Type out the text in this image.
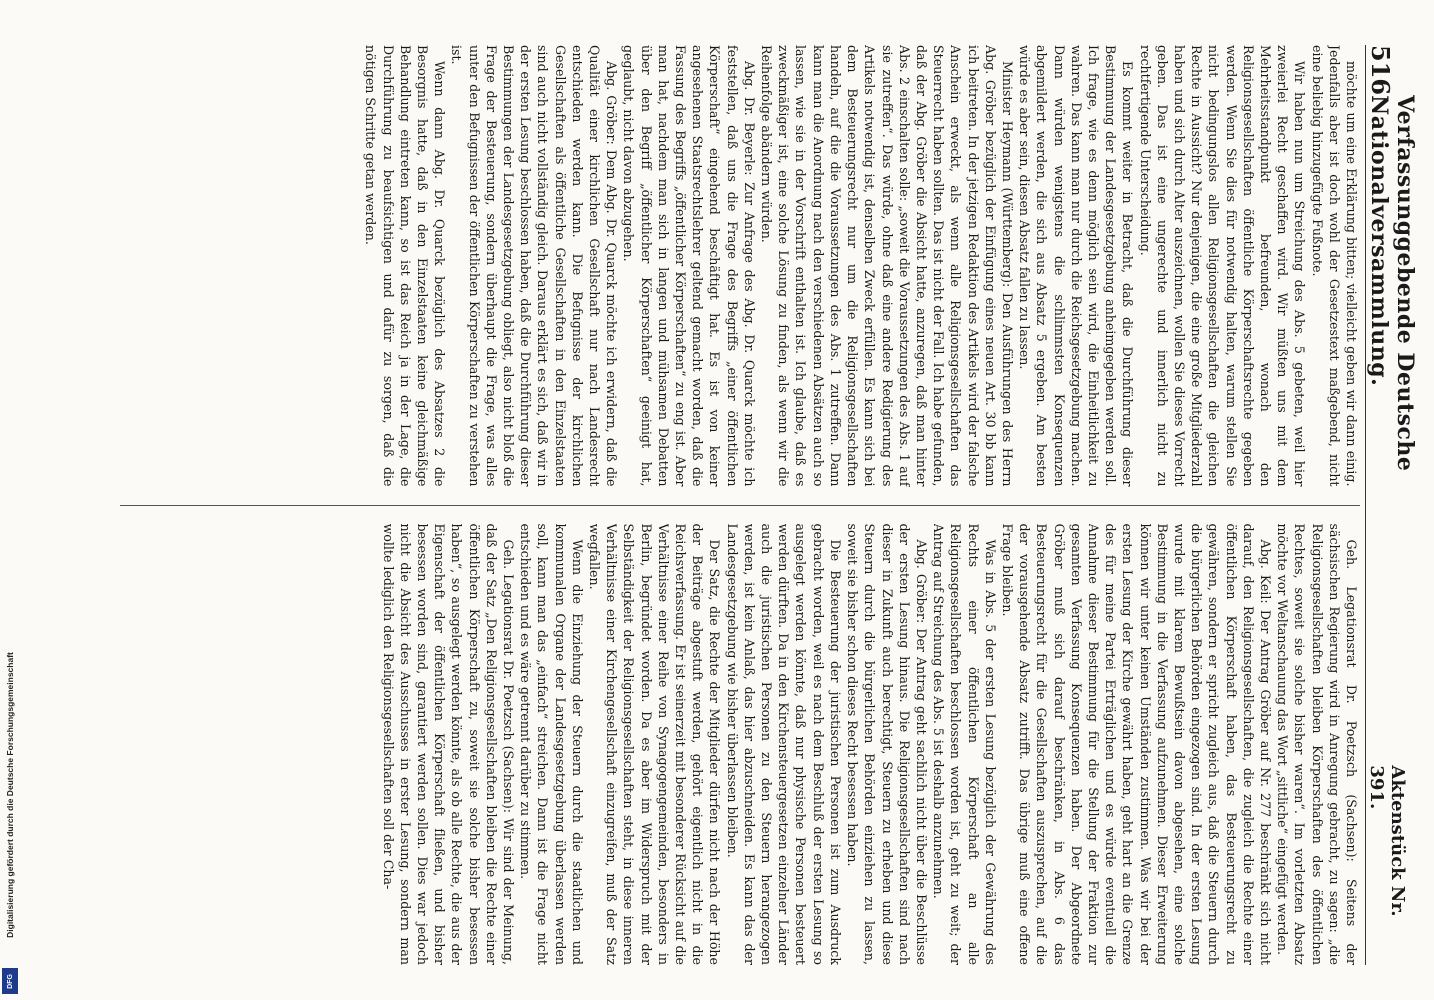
516
Verfassunggebende Deutsche Nationalversammlung.
Aktenstück Nr. 391.

möchte um eine Erklärung bitten; vielleicht geben wir dann einig. Jedenfalls aber ist doch wohl der Gesetzestext maßgebend, nicht eine beliebig hinzugefügte Fußnote.

Wir haben nun um Streichung des Abs. 5 gebeten, weil hier zweierlei Recht geschaffen wird. Wir müßten uns mit dem Mehrheitsstandpunkt befreunden, wonach den Religionsgesellschaften öffentliche Körperschaftsrechte gegeben werden. Wenn Sie dies für notwendig halten, warum stellen Sie nicht bedingungslos allen Religionsgesellschaften die gleichen Rechte in Aussicht? Nur denjenigen, die eine große Mitgliederzahl haben und sich durch Alter auszeichnen, wollen Sie dieses Vorrecht geben. Das ist eine ungerechte und innerlich nicht zu rechtfertigende Unterscheidung.

Es kommt weiter in Betracht, daß die Durchführung dieser Bestimmung der Landesgesetzgebung anheimgegeben werden soll. Ich frage, wie es denn möglich sein wird, die Einheitlichkeit zu wahren. Das kann man nur durch die Reichsgesetzgebung machen. Dann würden wenigstens die schlimmsten Konsequenzen abgemildert werden, die sich aus Absatz 5 ergeben. Am besten würde es aber sein, diesen Absatz fallen zu lassen.

Minister Heymann (Württemberg): Den Ausführungen des Herrn Abg. Gröber bezüglich der Einfügung eines neuen Art. 30 bb kann ich beitreten. In der jetzigen Redaktion des Artikels wird der falsche Anschein erweckt, als wenn alle Religionsgesellschaften das Steuerrecht haben sollten. Das ist nicht der Fall. Ich habe gefunden, daß der Abg. Gröber die Absicht hatte, anzuregen, daß man hinter Abs. 2 einschalten solle: „soweit die Voraussetzungen des Abs. 1 auf sie zutreffen“. Das würde, ohne daß eine andere Redigierung des Artikels notwendig ist, denselben Zweck erfüllen. Es kann sich bei dem Besteuerungsrecht nur um die Religionsgesellschaften handeln, auf die die Voraussetzungen des Abs. 1 zutreffen. Dann kann man die Anordnung nach den verschiedenen Absätzen auch so lassen, wie sie in der Vorschrift enthalten ist. Ich glaube, daß es zweckmäßiger ist, eine solche Lösung zu finden, als wenn wir die Reihenfolge abändern würden.

Abg. Dr. Beyerle: Zur Anfrage des Abg. Dr. Quarck möchte ich feststellen, daß uns die Frage des Begriffs „einer öffentlichen Körperschaft“ eingehend beschäftigt hat. Es ist von keiner angesehenen Staatsrechtslehrer geltend gemacht worden, daß die Fassung des Begriffs „öffentlicher Körperschaften“ zu eng ist. Aber man hat, nachdem man sich in langen und mühsamen Debatten über den Begriff „öffentlicher Körperschaften“ geeinigt hat, geglaubt, nicht davon abzugehen.

Abg. Gröber: Dem Abg. Dr. Quarck möchte ich erwidern, daß die Qualität einer kirchlichen Gesellschaft nur nach Landesrecht entschieden werden kann. Die Befugnisse der kirchlichen Gesellschaften als öffentliche Gesellschaften in den Einzelstaaten sind auch nicht vollständig gleich. Daraus erklärt es sich, daß wir in der ersten Lesung beschlossen haben, daß die Durchführung dieser Bestimmungen der Landesgesetzgebung obliegt, also nicht bloß die Frage der Besteuerung, sondern überhaupt die Frage, was alles unter den Befugnissen der öffentlichen Körperschaften zu verstehen ist.

Wenn dann Abg. Dr. Quarck bezüglich des Absatzes 2 die Besorgnis hatte, daß in den Einzelstaaten keine gleichmäßige Behandlung eintreten kann, so ist das Reich ja in der Lage, die Durchführung zu beaufsichtigen und dafür zu sorgen, daß die nötigen Schritte getan werden.

Geh. Legationsrat Dr. Poetzsch (Sachsen): Seitens der sächsischen Regierung wird in Anregung gebracht, zu sagen: „die Religionsgesellschaften bleiben Körperschaften des öffentlichen Rechtes, soweit sie solche bisher waren“. Im vorletzten Absatz möchte vor Weltanschauung das Wort „sittliche“ eingefügt werden.

Abg. Keil: Der Antrag Gröber auf Nr. 277 beschränkt sich nicht darauf, den Religionsgesellschaften, die zugleich die Rechte einer öffentlichen Körperschaft haben, das Besteuerungsrecht zu gewähren, sondern er spricht zugleich aus, daß die Steuern durch die bürgerlichen Behörden eingezogen sind. In der ersten Lesung wurde mit klarem Bewußtsein davon abgesehen, eine solche Bestimmung in die Verfassung aufzunehmen. Dieser Erweiterung können wir unter keinen Umständen zustimmen. Was wir bei der ersten Lesung der Kirche gewährt haben, geht hart an die Grenze des für meine Partei Erträglichen und es würde eventuell die Annahme dieser Bestimmung für die Stellung der Fraktion zur gesamten Verfassung Konsequenzen haben. Der Abgeordnete Gröber muß sich darauf beschränken, in Abs. 6 das Besteuerungsrecht für die Gesellschaften auszusprechen, auf die der vorausgehende Absatz zutrifft. Das übrige muß eine offene Frage bleiben.

Was in Abs. 5 der ersten Lesung bezüglich der Gewährung des Rechts einer öffentlichen Körperschaft an alle Religionsgesellschaften beschlossen worden ist, geht zu weit; der Antrag auf Streichung des Abs. 5 ist deshalb anzunehmen.

Abg. Gröber: Der Antrag geht sachlich nicht über die Beschlüsse der ersten Lesung hinaus. Die Religionsgesellschaften sind nach dieser in Zukunft auch berechtigt, Steuern zu erheben und diese Steuern durch die bürgerlichen Behörden einziehen zu lassen, soweit sie bisher schon dieses Recht besessen haben.

Die Besteuerung der juristischen Personen ist zum Ausdruck gebracht worden, weil es nach dem Beschluß der ersten Lesung so ausgelegt werden könnte, daß nur physische Personen besteuert werden dürften. Da in den Kirchensteuergesetzen einzelner Länder auch die juristischen Personen zu den Steuern herangezogen werden, ist kein Anlaß, das hier abzuschneiden. Es kann das der Landesgesetzgebung wie bisher überlassen bleiben.

Der Satz, die Rechte der Mitglieder dürfen nicht nach der Höhe der Beiträge abgestuft werden, gehört eigentlich nicht in die Reichsverfassung. Er ist seinerzeit mit besonderer Rücksicht auf die Verhältnisse einer Reihe von Synagogengemeinden, besonders in Berlin, begründet worden. Da es aber im Widerspruch mit der Selbständigkeit der Religionsgesellschaften steht, in diese inneren Verhältnisse einer Kirchengesellschaft einzugreifen, muß der Satz wegfallen.

Wenn die Einziehung der Steuern durch die staatlichen und kommunalen Organe der Landesgesetzgebung überlassen werden soll, kann man das „einfach“ streichen. Dann ist die Frage nicht entschieden und es wäre getrennt darüber zu stimmen.

Geh. Legationsrat Dr. Poetzsch (Sachsen): Wir sind der Meinung, daß der Satz „Den Religionsgesellschaften bleiben die Rechte einer öffentlichen Körperschaft zu, soweit sie solche bisher besessen haben“, so ausgelegt werden könnte, als ob alle Rechte, die aus der Eigenschaft der öffentlichen Körperschaft fließen, und bisher besessen worden sind, garantiert werden sollen. Dies war jedoch nicht die Absicht des Ausschusses in erster Lesung, sondern man wollte lediglich den Religionsgesellschaften soll der Cha-

Digitalisierung gefördert durch die Deutsche Forschungsgemeinschaft
DFG
